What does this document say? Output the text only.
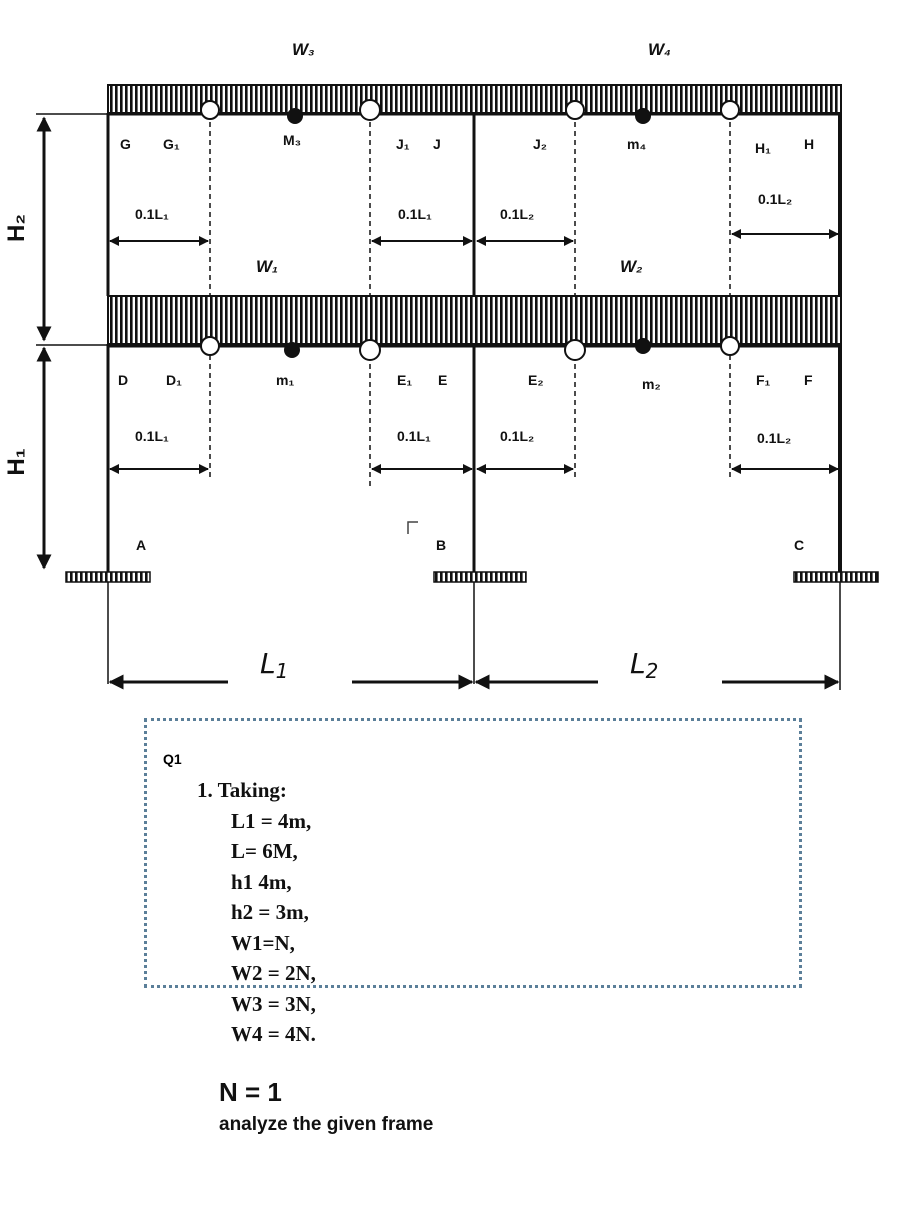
W₃	W₄
W₁	W₂
H₂
H₁
G G₁	M₃	J₁ J	J₂	m₄	H₁ H
0.1L₁	0.1L₁	0.1L₂
0.1L₂
D	D₁	m₁	E₁ E	E₂	m₂	F₁ F
0.1L₁	0.1L₁	0.1L₂	0.1L₂
A	B	C
L1	L2
Q1
1. Taking:
L1 = 4m,
L= 6M,
h1 4m,
h2 = 3m,
W1=N,
W2 = 2N,
W3 = 3N,
W4 = 4N.
N = 1
analyze the given frame
